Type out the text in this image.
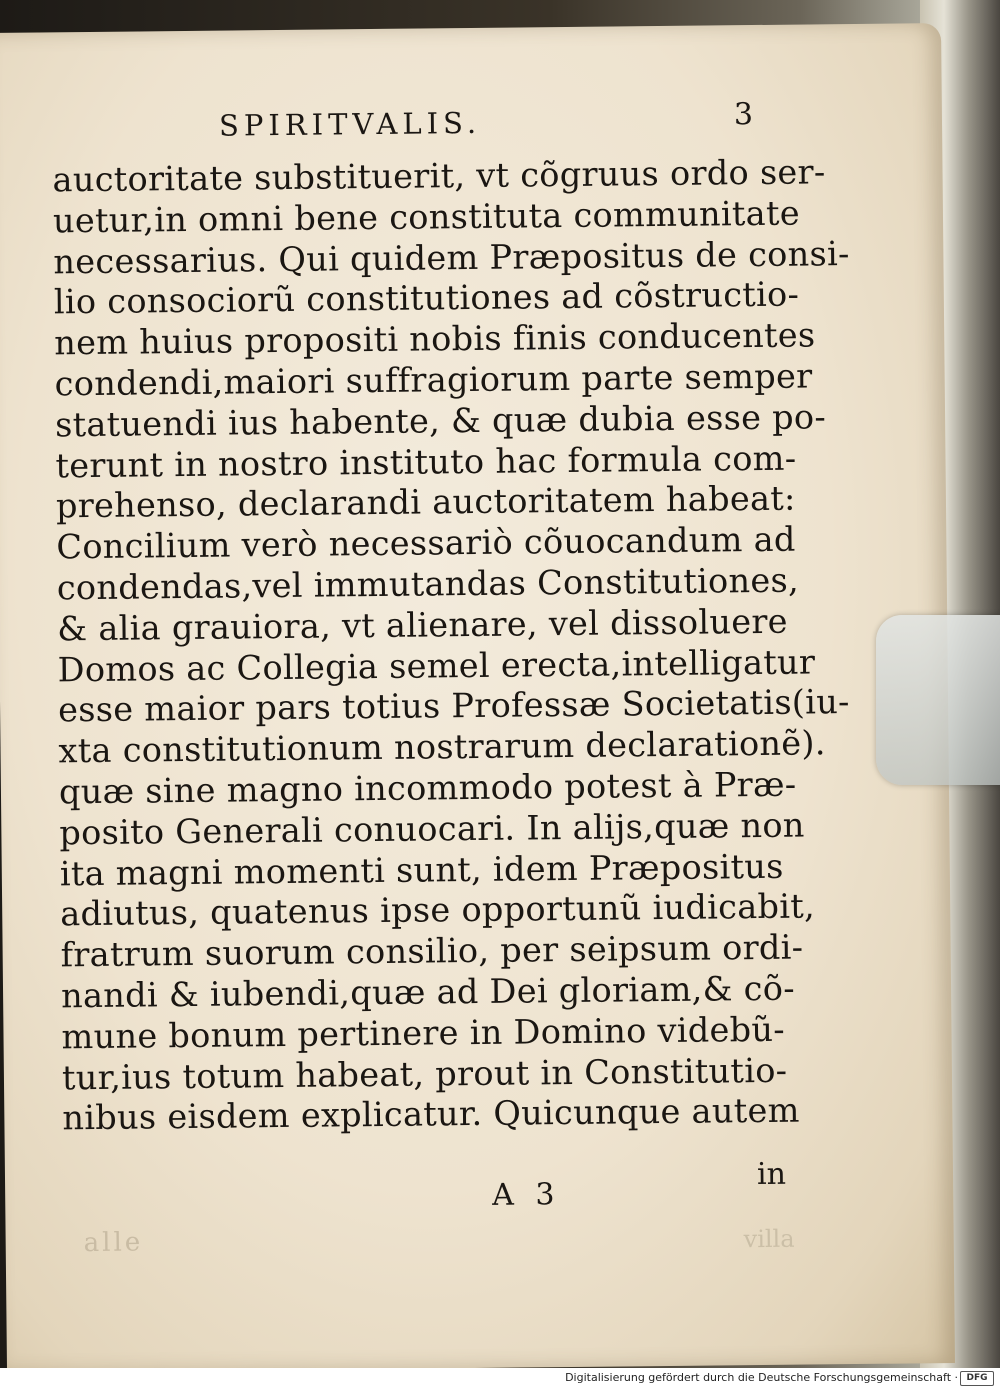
SPIRITVALIS.	3
auctoritate substituerit, vt cõgruus ordo ser-
uetur,in omni bene constituta communitate
necessarius. Qui quidem Præpositus de consi-
lio consociorũ constitutiones ad cõstructio-
nem huius propositi nobis finis conducentes
condendi,maiori suffragiorum parte semper
statuendi ius habente, & quæ dubia esse po-
terunt in nostro instituto hac formula com-
prehenso, declarandi auctoritatem habeat:
Concilium verò necessariò cõuocandum ad
condendas,vel immutandas Constitutiones,
& alia grauiora, vt alienare, vel dissoluere
Domos ac Collegia semel erecta,intelligatur
esse maior pars totius Professæ Societatis(iu-
xta constitutionum nostrarum declarationẽ).
quæ sine magno incommodo potest à Præ-
posito Generali conuocari. In alijs,quæ non
ita magni momenti sunt, idem Præpositus
adiutus, quatenus ipse opportunũ iudicabit,
fratrum suorum consilio, per seipsum ordi-
nandi & iubendi,quæ ad Dei gloriam,& cõ-
mune bonum pertinere in Domino videbũ-
tur,ius totum habeat, prout in Constitutio-
nibus eisdem explicatur. Quicunque autem
in
A 3
alle	villa
Digitalisierung gefördert durch die Deutsche Forschungsgemeinschaft · DFG
